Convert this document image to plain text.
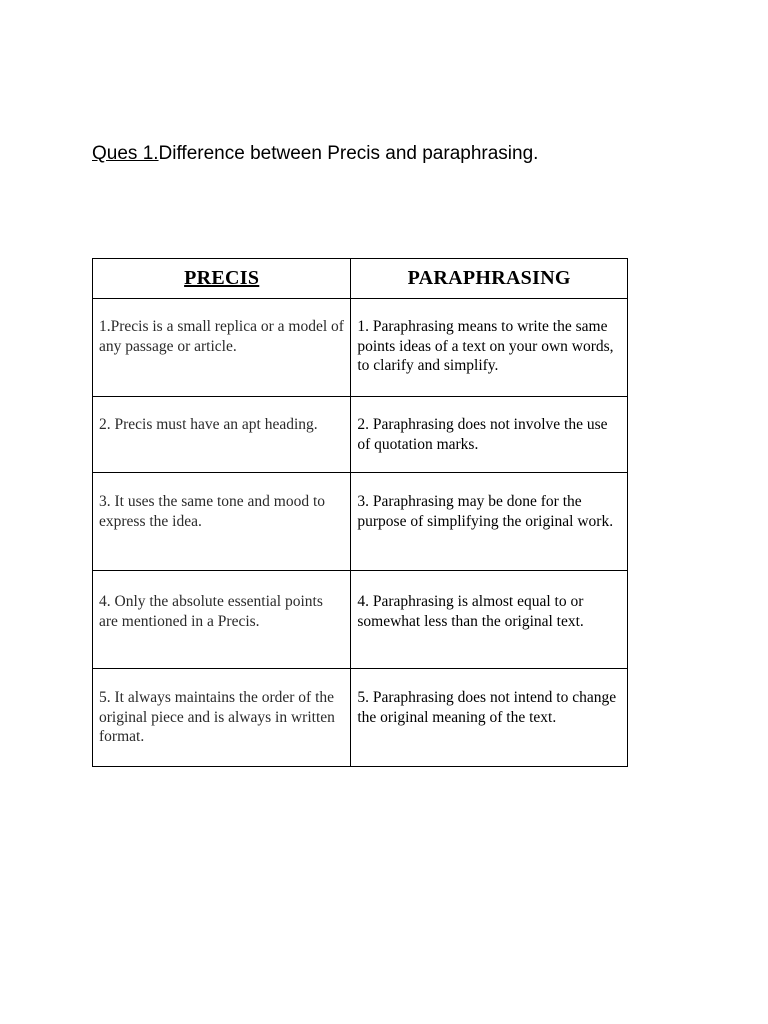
Ques 1.Difference between Precis and paraphrasing.
PRECIS	PARAPHRASING
1.Precis is a small replica or a model of any passage or article.	1. Paraphrasing means to write the same points ideas of a text on your own words, to clarify and simplify.
2. Precis must have an apt heading.	2. Paraphrasing does not involve the use of quotation marks.
3. It uses the same tone and mood to express the idea.	3. Paraphrasing may be done for the purpose of simplifying the original work.
4. Only the absolute essential points are mentioned in a Precis.	4. Paraphrasing is almost equal to or somewhat less than the original text.
5. It always maintains the order of the original piece and is always in written format.	5. Paraphrasing does not intend to change the original meaning of the text.
